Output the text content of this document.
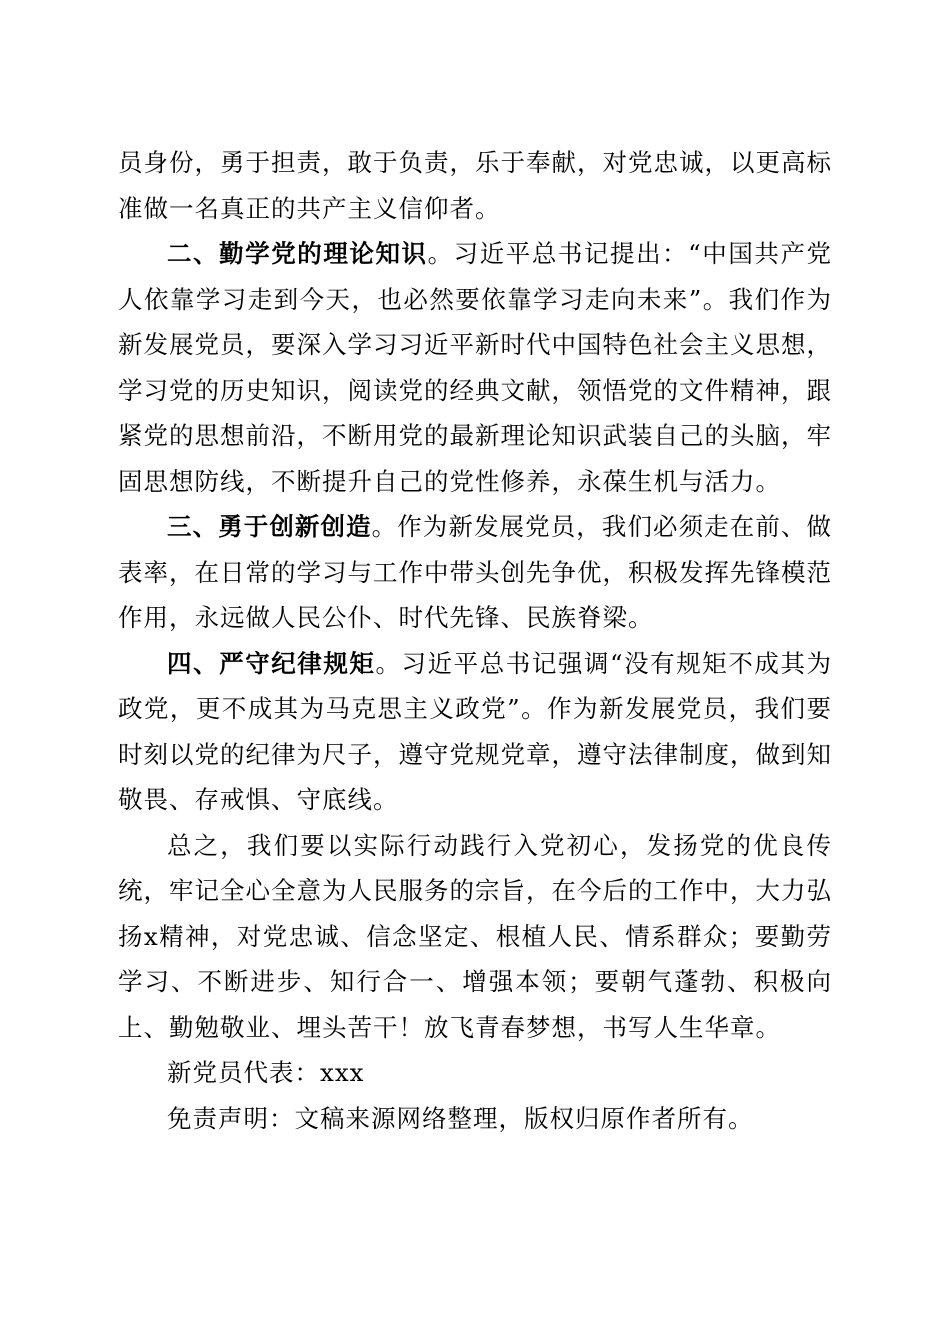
员身份，勇于担责，敢于负责，乐于奉献，对党忠诚，以更高标准做一名真正的共产主义信仰者。

二、勤学党的理论知识。习近平总书记提出：“中国共产党人依靠学习走到今天，也必然要依靠学习走向未来”。我们作为新发展党员，要深入学习习近平新时代中国特色社会主义思想，学习党的历史知识，阅读党的经典文献，领悟党的文件精神，跟紧党的思想前沿，不断用党的最新理论知识武装自己的头脑，牢固思想防线，不断提升自己的党性修养，永葆生机与活力。

三、勇于创新创造。作为新发展党员，我们必须走在前、做表率，在日常的学习与工作中带头创先争优，积极发挥先锋模范作用，永远做人民公仆、时代先锋、民族脊梁。

四、严守纪律规矩。习近平总书记强调“没有规矩不成其为政党，更不成其为马克思主义政党”。作为新发展党员，我们要时刻以党的纪律为尺子，遵守党规党章，遵守法律制度，做到知敬畏、存戒惧、守底线。

总之，我们要以实际行动践行入党初心，发扬党的优良传统，牢记全心全意为人民服务的宗旨，在今后的工作中，大力弘扬x精神，对党忠诚、信念坚定、根植人民、情系群众；要勤劳学习、不断进步、知行合一、增强本领；要朝气蓬勃、积极向上、勤勉敬业、埋头苦干！放飞青春梦想，书写人生华章。

新党员代表：xxx

免责声明：文稿来源网络整理，版权归原作者所有。
